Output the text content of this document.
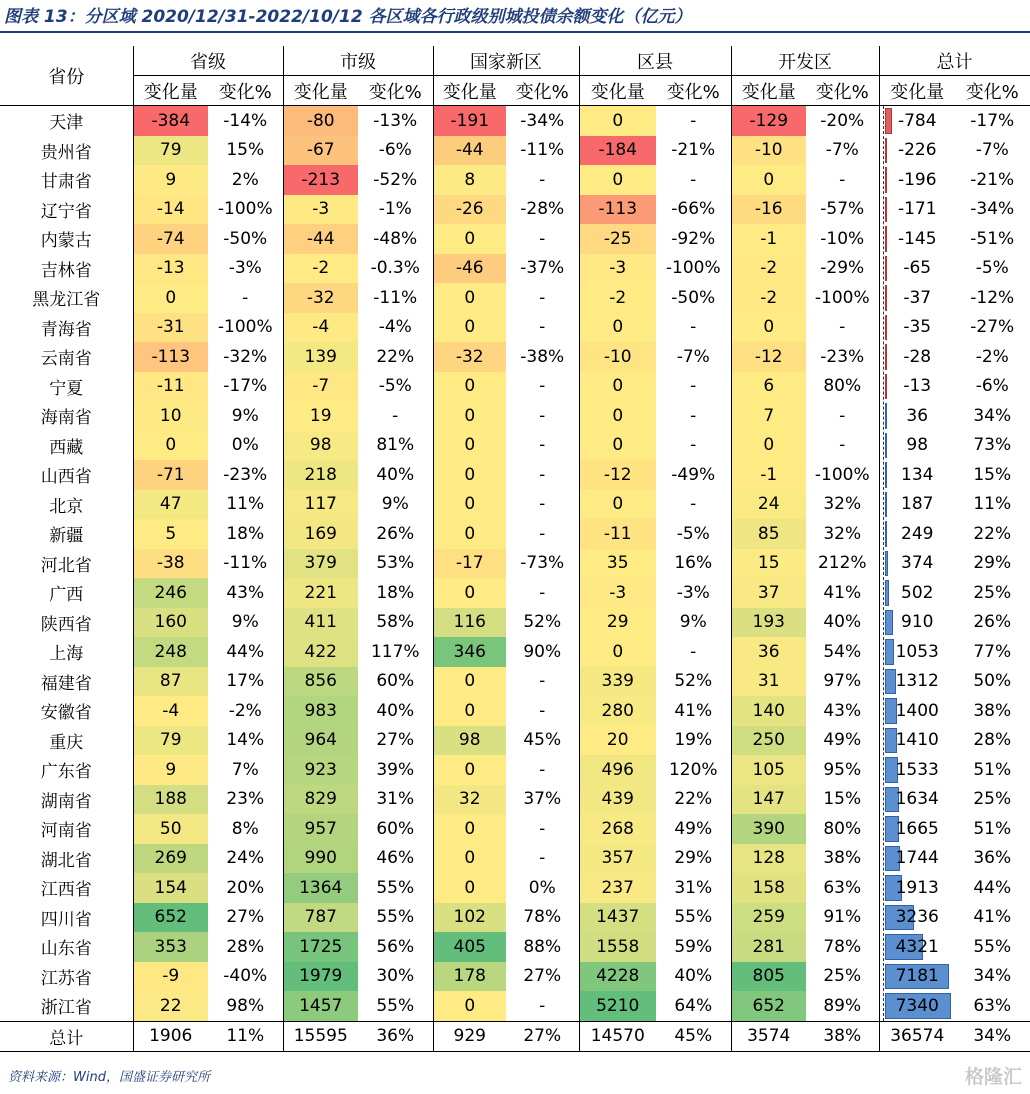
图表 13：分区域 2020/12/31-2022/10/12 各区域各行政级别城投债余额变化（亿元）
省份	省级		市级		国家新区		区县		开发区		总计	
	变化量	变化%	变化量	变化%	变化量	变化%	变化量	变化%	变化量	变化%	变化量	变化%
天津	-384	-14%	-80	-13%	-191	-34%	0	-	-129	-20%	-784	-17%
贵州省	79	15%	-67	-6%	-44	-11%	-184	-21%	-10	-7%	-226	-7%
甘肃省	9	2%	-213	-52%	8	-	0	-	0	-	-196	-21%
辽宁省	-14	-100%	-3	-1%	-26	-28%	-113	-66%	-16	-57%	-171	-34%
内蒙古	-74	-50%	-44	-48%	0	-	-25	-92%	-1	-10%	-145	-51%
吉林省	-13	-3%	-2	-0.3%	-46	-37%	-3	-100%	-2	-29%	-65	-5%
黑龙江省	0	-	-32	-11%	0	-	-2	-50%	-2	-100%	-37	-12%
青海省	-31	-100%	-4	-4%	0	-	0	-	0	-	-35	-27%
云南省	-113	-32%	139	22%	-32	-38%	-10	-7%	-12	-23%	-28	-2%
宁夏	-11	-17%	-7	-5%	0	-	0	-	6	80%	-13	-6%
海南省	10	9%	19	-	0	-	0	-	7	-	36	34%
西藏	0	0%	98	81%	0	-	0	-	0	-	98	73%
山西省	-71	-23%	218	40%	0	-	-12	-49%	-1	-100%	134	15%
北京	47	11%	117	9%	0	-	0	-	24	32%	187	11%
新疆	5	18%	169	26%	0	-	-11	-5%	85	32%	249	22%
河北省	-38	-11%	379	53%	-17	-73%	35	16%	15	212%	374	29%
广西	246	43%	221	18%	0	-	-3	-3%	37	41%	502	25%
陕西省	160	9%	411	58%	116	52%	29	9%	193	40%	910	26%
上海	248	44%	422	117%	346	90%	0	-	36	54%	1053	77%
福建省	87	17%	856	60%	0	-	339	52%	31	97%	1312	50%
安徽省	-4	-2%	983	40%	0	-	280	41%	140	43%	1400	38%
重庆	79	14%	964	27%	98	45%	20	19%	250	49%	1410	28%
广东省	9	7%	923	39%	0	-	496	120%	105	95%	1533	51%
湖南省	188	23%	829	31%	32	37%	439	22%	147	15%	1634	25%
河南省	50	8%	957	60%	0	-	268	49%	390	80%	1665	51%
湖北省	269	24%	990	46%	0	-	357	29%	128	38%	1744	36%
江西省	154	20%	1364	55%	0	0%	237	31%	158	63%	1913	44%
四川省	652	27%	787	55%	102	78%	1437	55%	259	91%	3236	41%
山东省	353	28%	1725	56%	405	88%	1558	59%	281	78%	4321	55%
江苏省	-9	-40%	1979	30%	178	27%	4228	40%	805	25%	7181	34%
浙江省	22	98%	1457	55%	0	-	5210	64%	652	89%	7340	63%
总计	1906	11%	15595	36%	929	27%	14570	45%	3574	38%	36574	34%
资料来源：Wind，国盛证券研究所	格隆汇
